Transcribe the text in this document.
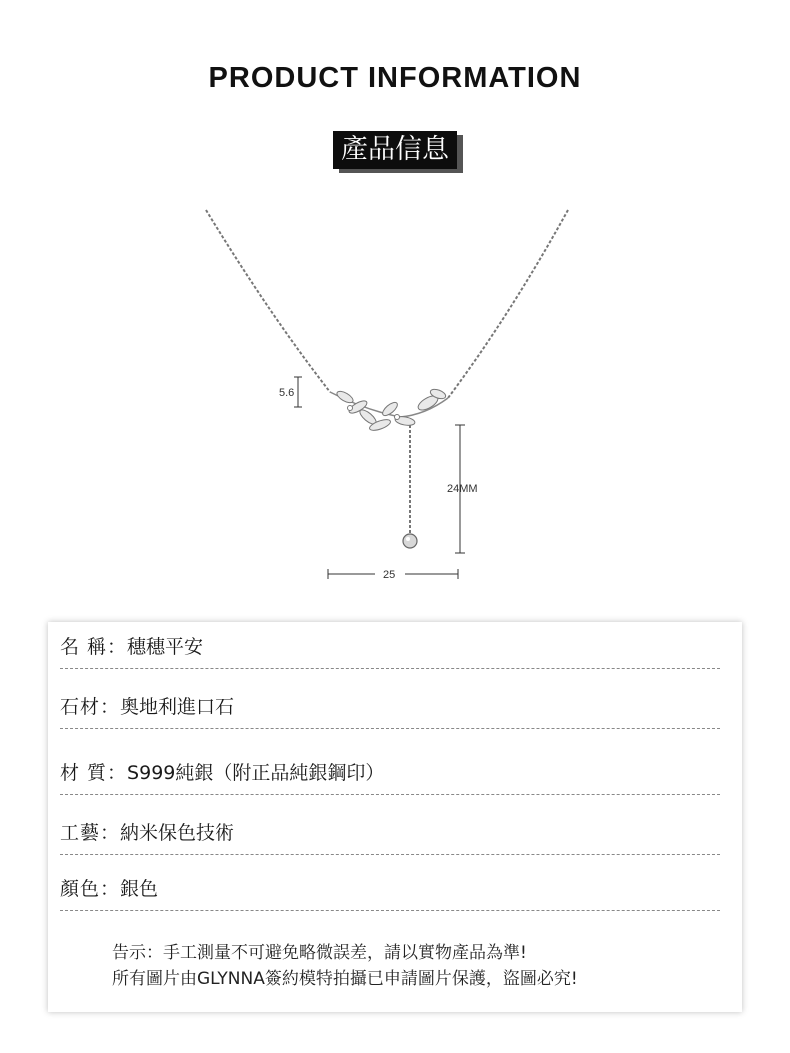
PRODUCT INFORMATION
產品信息
5.6
24MM
25
名 稱：穗穗平安
石材：奧地利進口石
材 質：S999純銀（附正品純銀鋼印）
工藝：納米保色技術
顏色：銀色
告示：手工測量不可避免略微誤差，請以實物產品為準!
所有圖片由GLYNNA簽約模特拍攝已申請圖片保護，盜圖必究!
